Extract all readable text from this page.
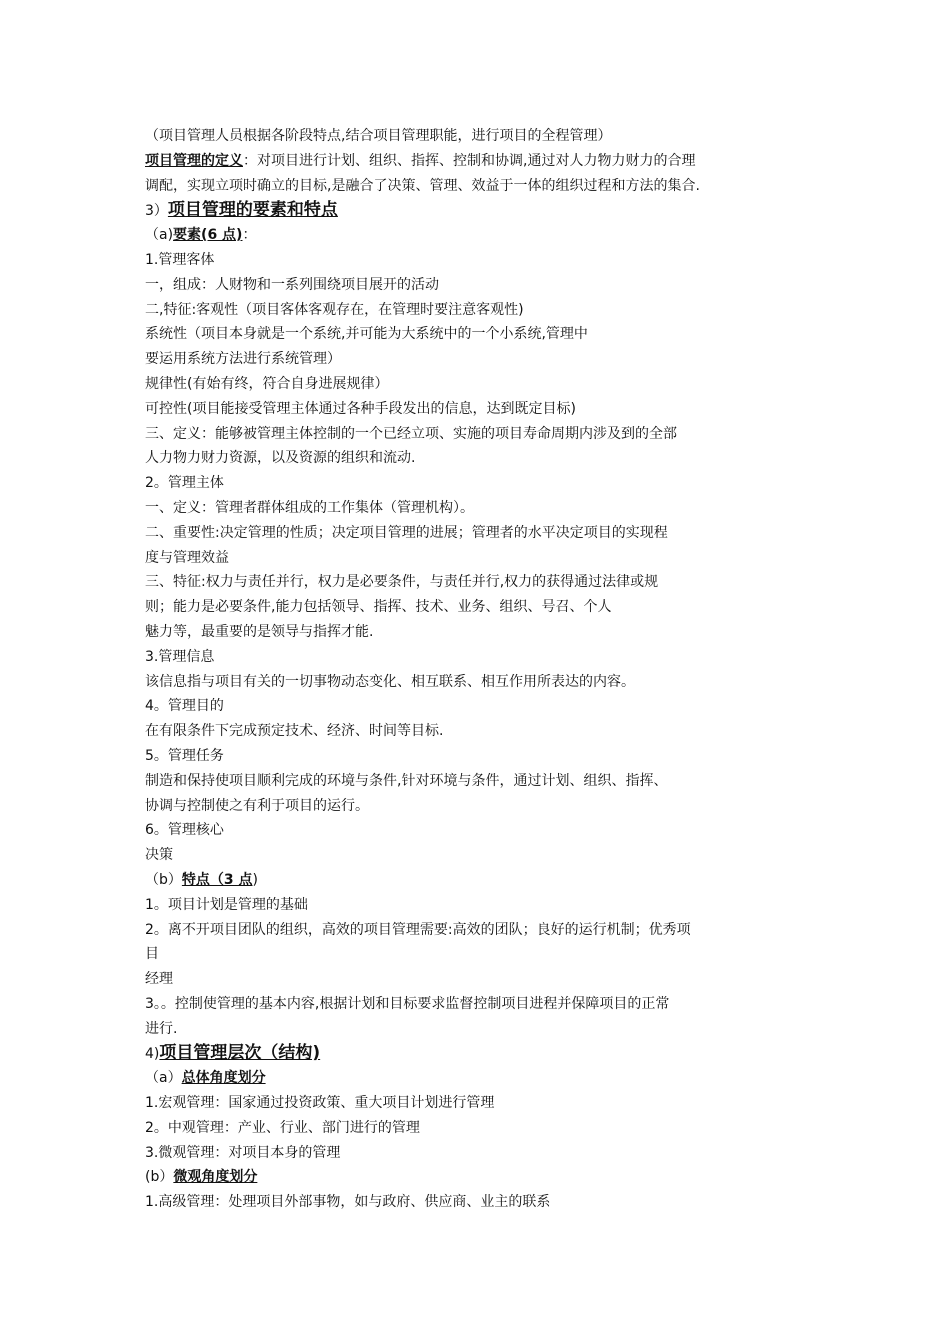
（项目管理人员根据各阶段特点,结合项目管理职能，进行项目的全程管理）
项目管理的定义：对项目进行计划、组织、指挥、控制和协调,通过对人力物力财力的合理
调配，实现立项时确立的目标,是融合了决策、管理、效益于一体的组织过程和方法的集合.
3）项目管理的要素和特点
（a)要素(6 点)：
1.管理客体
一，组成：人财物和一系列围绕项目展开的活动
二,特征:客观性（项目客体客观存在，在管理时要注意客观性)
系统性（项目本身就是一个系统,并可能为大系统中的一个小系统,管理中
要运用系统方法进行系统管理）
规律性(有始有终，符合自身进展规律）
可控性(项目能接受管理主体通过各种手段发出的信息，达到既定目标)
三、定义：能够被管理主体控制的一个已经立项、实施的项目寿命周期内涉及到的全部
人力物力财力资源，以及资源的组织和流动.
2。管理主体
一、定义：管理者群体组成的工作集体（管理机构）。
二、重要性:决定管理的性质；决定项目管理的进展；管理者的水平决定项目的实现程
度与管理效益
三、特征:权力与责任并行，权力是必要条件，与责任并行,权力的获得通过法律或规
则；能力是必要条件,能力包括领导、指挥、技术、业务、组织、号召、个人
魅力等，最重要的是领导与指挥才能.
3.管理信息
该信息指与项目有关的一切事物动态变化、相互联系、相互作用所表达的内容。
4。管理目的
在有限条件下完成预定技术、经济、时间等目标.
5。管理任务
制造和保持使项目顺利完成的环境与条件,针对环境与条件，通过计划、组织、指挥、
协调与控制使之有利于项目的运行。
6。管理核心
决策
（b）特点（3 点)
1。项目计划是管理的基础
2。离不开项目团队的组织，高效的项目管理需要:高效的团队；良好的运行机制；优秀项
目
经理
3。。控制使管理的基本内容,根据计划和目标要求监督控制项目进程并保障项目的正常
进行.
4)项目管理层次（结构)
（a）总体角度划分
1.宏观管理：国家通过投资政策、重大项目计划进行管理
2。中观管理：产业、行业、部门进行的管理
3.微观管理：对项目本身的管理
(b）微观角度划分
1.高级管理：处理项目外部事物，如与政府、供应商、业主的联系
